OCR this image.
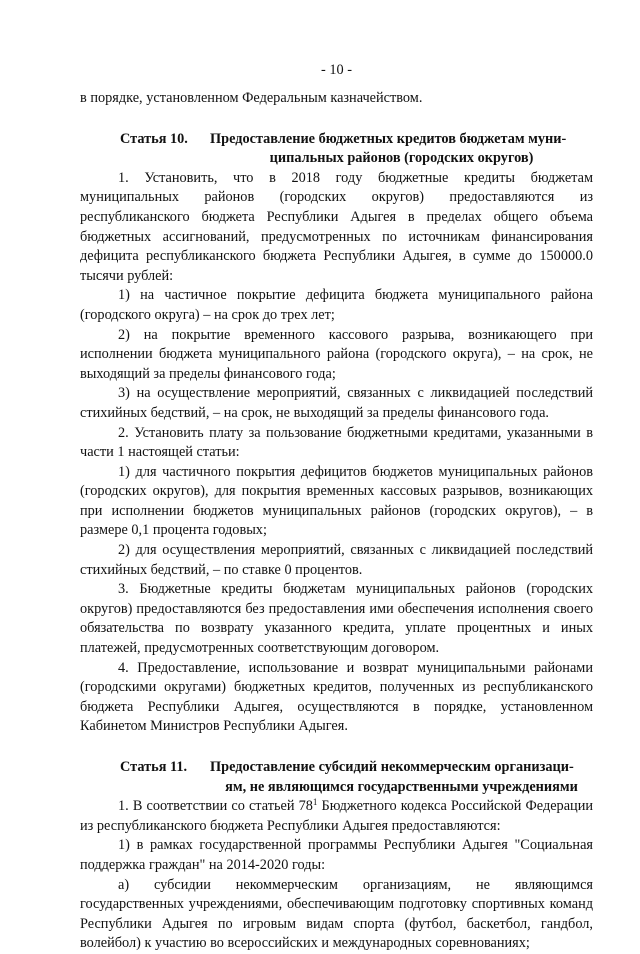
- 10 -

в порядке, установленном Федеральным казначейством.

Статья 10.	Предоставление бюджетных кредитов бюджетам муни-
ципальных районов (городских округов)

1. Установить, что в 2018 году бюджетные кредиты бюджетам муниципальных районов (городских округов) предоставляются из республиканского бюджета Республики Адыгея в пределах общего объема бюджетных ассигнований, предусмотренных по источникам финансирования дефицита республиканского бюджета Республики Адыгея, в сумме до 150000.0 тысячи рублей:

1) на частичное покрытие дефицита бюджета муниципального района (городского округа) – на срок до трех лет;

2) на покрытие временного кассового разрыва, возникающего при исполнении бюджета муниципального района (городского округа), – на срок, не выходящий за пределы финансового года;

3) на осуществление мероприятий, связанных с ликвидацией последствий стихийных бедствий, – на срок, не выходящий за пределы финансового года.

2. Установить плату за пользование бюджетными кредитами, указанными в части 1 настоящей статьи:

1) для частичного покрытия дефицитов бюджетов муниципальных районов (городских округов), для покрытия временных кассовых разрывов, возникающих при исполнении бюджетов муниципальных районов (городских округов), – в размере 0,1 процента годовых;

2) для осуществления мероприятий, связанных с ликвидацией последствий стихийных бедствий, – по ставке 0 процентов.

3. Бюджетные кредиты бюджетам муниципальных районов (городских округов) предоставляются без предоставления ими обеспечения исполнения своего обязательства по возврату указанного кредита, уплате процентных и иных платежей, предусмотренных соответствующим договором.

4. Предоставление, использование и возврат муниципальными районами (городскими округами) бюджетных кредитов, полученных из республиканского бюджета Республики Адыгея, осуществляются в порядке, установленном Кабинетом Министров Республики Адыгея.

Статья 11.	Предоставление субсидий некоммерческим организаци-
ям, не являющимся государственными учреждениями

1. В соответствии со статьей $78^1$ Бюджетного кодекса Российской Федерации из республиканского бюджета Республики Адыгея предоставляются:

1) в рамках государственной программы Республики Адыгея "Социальная поддержка граждан" на 2014-2020 годы:

а) субсидии некоммерческим организациям, не являющимся государственных учреждениями, обеспечивающим подготовку спортивных команд Республики Адыгея по игровым видам спорта (футбол, баскетбол, гандбол, волейбол) к участию во всероссийских и международных соревнованиях;
